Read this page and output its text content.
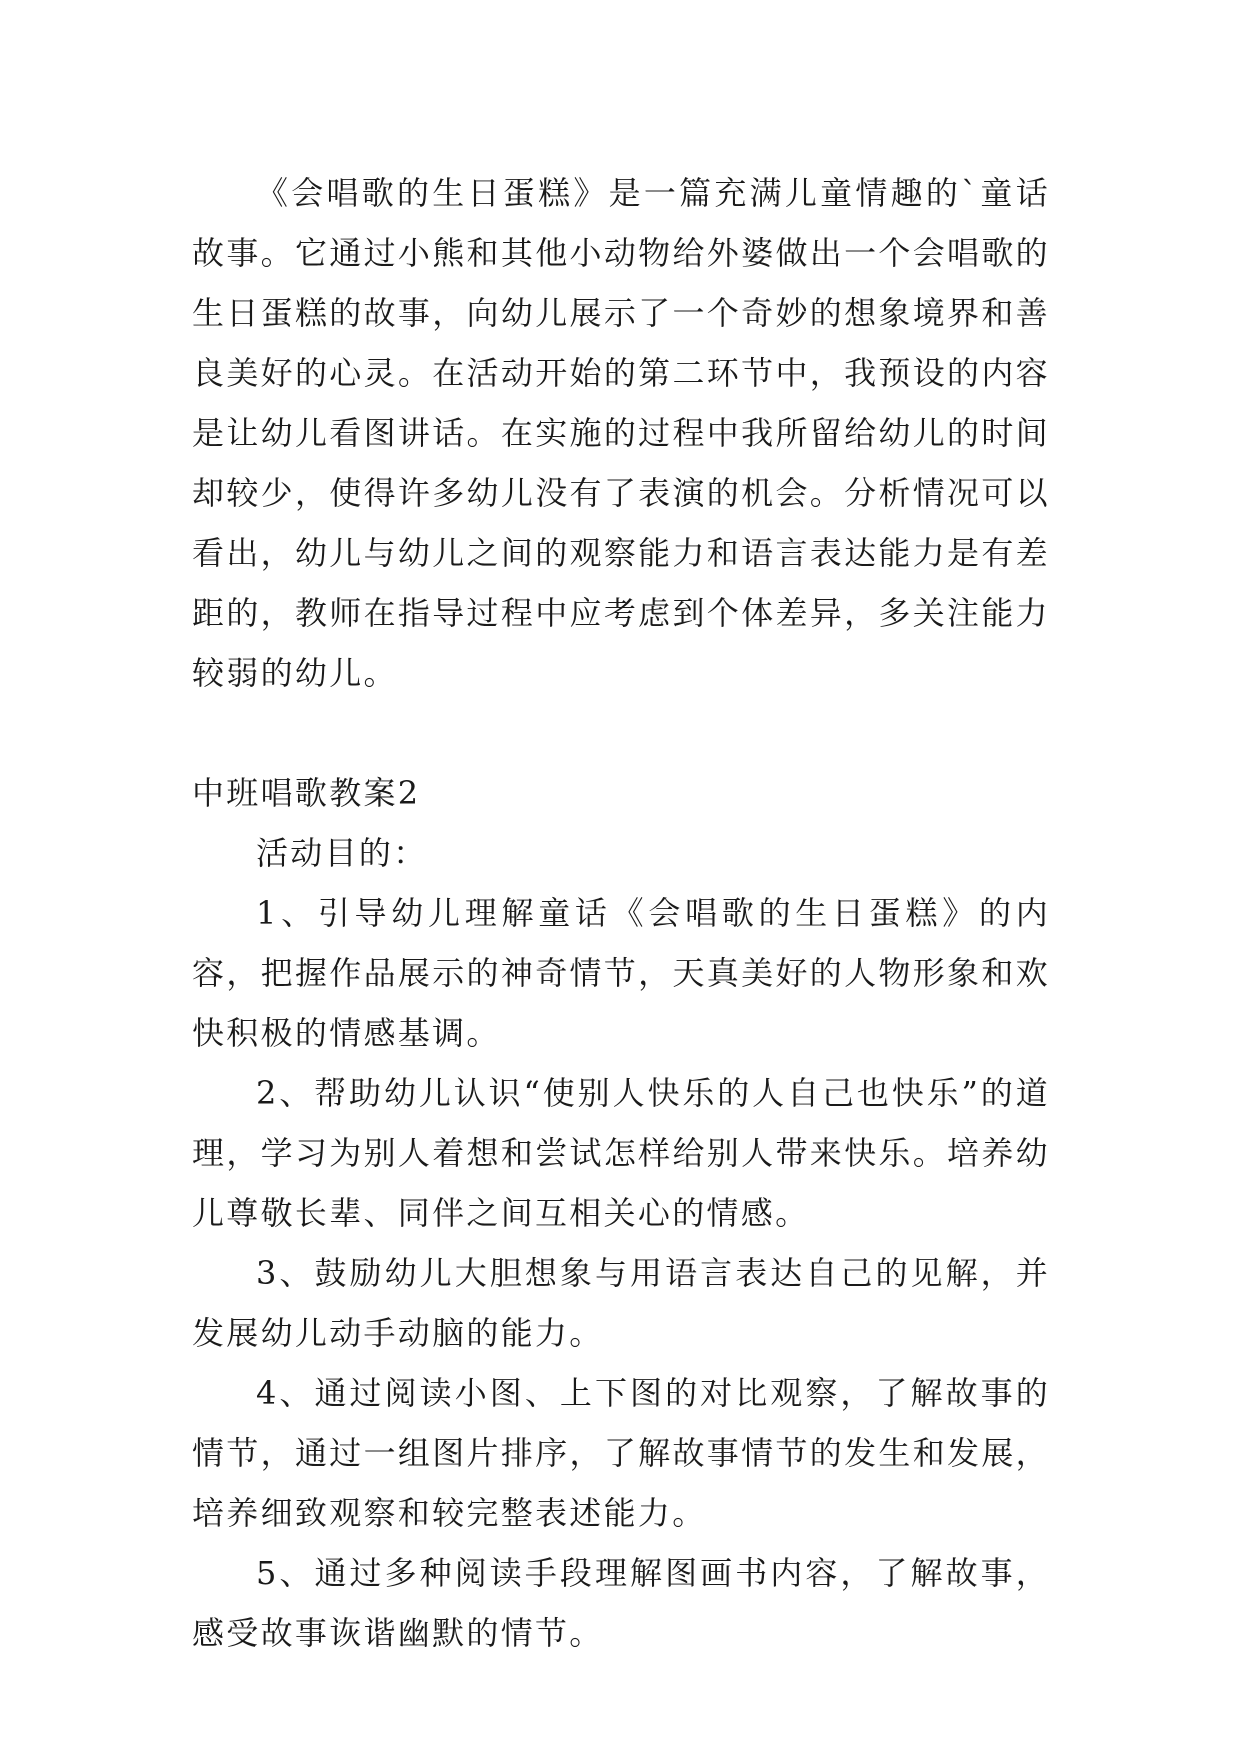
《会唱歌的生日蛋糕》是一篇充满儿童情趣的`童话故事。它通过小熊和其他小动物给外婆做出一个会唱歌的生日蛋糕的故事，向幼儿展示了一个奇妙的想象境界和善良美好的心灵。在活动开始的第二环节中，我预设的内容是让幼儿看图讲话。在实施的过程中我所留给幼儿的时间却较少，使得许多幼儿没有了表演的机会。分析情况可以看出，幼儿与幼儿之间的观察能力和语言表达能力是有差距的，教师在指导过程中应考虑到个体差异，多关注能力较弱的幼儿。

中班唱歌教案2

活动目的：

1、引导幼儿理解童话《会唱歌的生日蛋糕》的内容，把握作品展示的神奇情节，天真美好的人物形象和欢快积极的情感基调。

2、帮助幼儿认识“使别人快乐的人自己也快乐”的道理，学习为别人着想和尝试怎样给别人带来快乐。培养幼儿尊敬长辈、同伴之间互相关心的情感。

3、鼓励幼儿大胆想象与用语言表达自己的见解，并发展幼儿动手动脑的能力。

4、通过阅读小图、上下图的对比观察，了解故事的情节，通过一组图片排序，了解故事情节的发生和发展，培养细致观察和较完整表述能力。

5、通过多种阅读手段理解图画书内容，了解故事，感受故事诙谐幽默的情节。
